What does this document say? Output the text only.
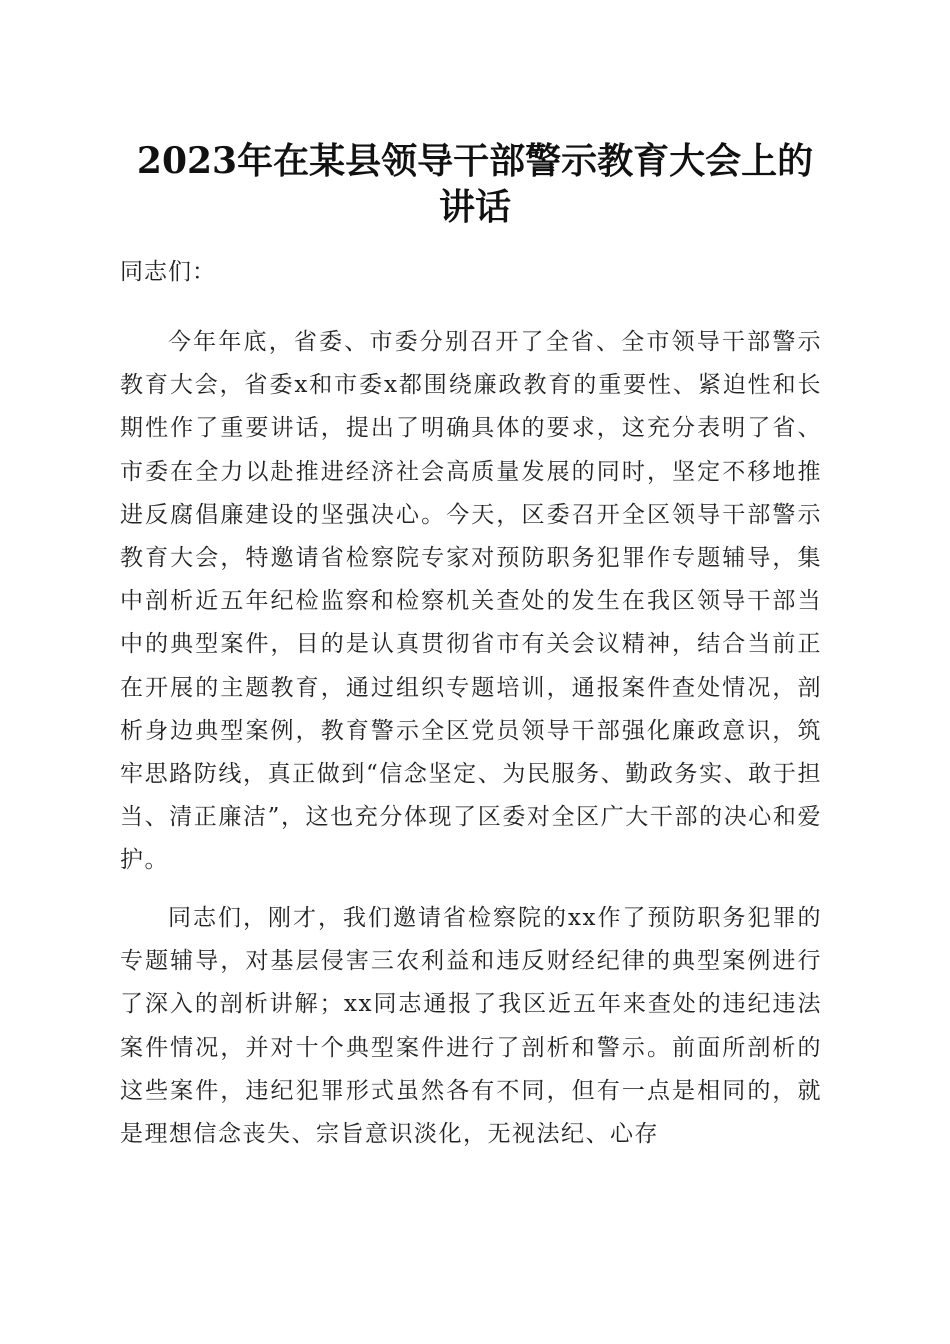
2023年在某县领导干部警示教育大会上的讲话
同志们：

今年年底，省委、市委分别召开了全省、全市领导干部警示教育大会，省委x和市委x都围绕廉政教育的重要性、紧迫性和长期性作了重要讲话，提出了明确具体的要求，这充分表明了省、市委在全力以赴推进经济社会高质量发展的同时，坚定不移地推进反腐倡廉建设的坚强决心。今天，区委召开全区领导干部警示教育大会，特邀请省检察院专家对预防职务犯罪作专题辅导，集中剖析近五年纪检监察和检察机关查处的发生在我区领导干部当中的典型案件，目的是认真贯彻省市有关会议精神，结合当前正在开展的主题教育，通过组织专题培训，通报案件查处情况，剖析身边典型案例，教育警示全区党员领导干部强化廉政意识，筑牢思路防线，真正做到“信念坚定、为民服务、勤政务实、敢于担当、清正廉洁”，这也充分体现了区委对全区广大干部的决心和爱护。

同志们，刚才，我们邀请省检察院的xx作了预防职务犯罪的专题辅导，对基层侵害三农利益和违反财经纪律的典型案例进行了深入的剖析讲解；xx同志通报了我区近五年来查处的违纪违法案件情况，并对十个典型案件进行了剖析和警示。前面所剖析的这些案件，违纪犯罪形式虽然各有不同，但有一点是相同的，就是理想信念丧失、宗旨意识淡化，无视法纪、心存
